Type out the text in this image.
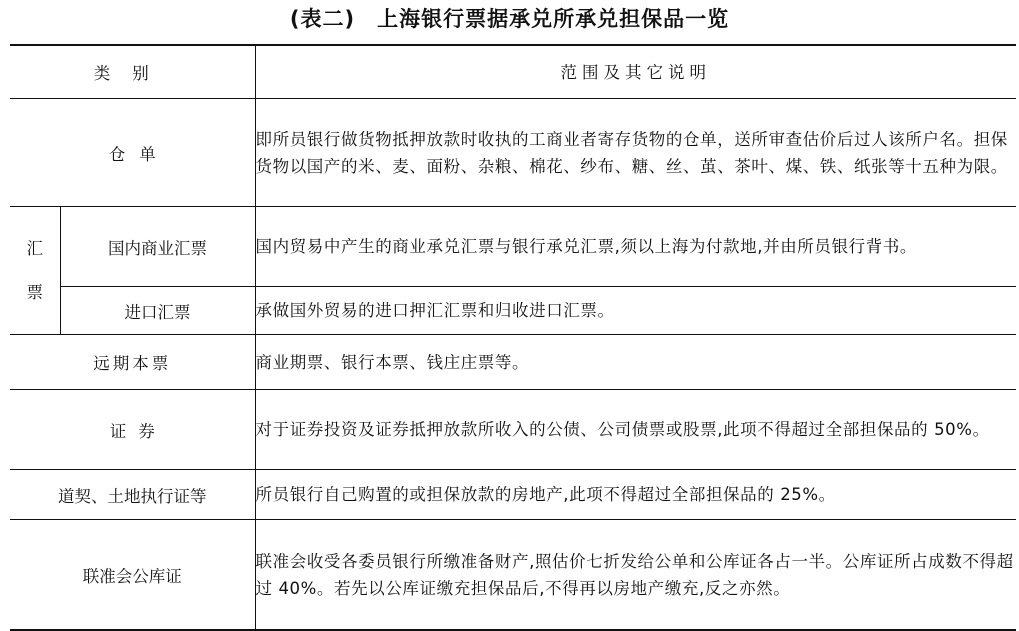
(表二) 上海银行票据承兑所承兑担保品一览
类别		范围及其它说明
仓单		即所员银行做货物抵押放款时收执的工商业者寄存货物的仓单，送所审查估价后过人该所户名。担保货物以国产的米、麦、面粉、杂粮、棉花、纱布、糖、丝、茧、茶叶、煤、铁、纸张等十五种为限。
汇票	国内商业汇票	国内贸易中产生的商业承兑汇票与银行承兑汇票,须以上海为付款地,并由所员银行背书。
	进口汇票	承做国外贸易的进口押汇汇票和归收进口汇票。
远期本票		商业期票、银行本票、钱庄庄票等。
证券		对于证券投资及证券抵押放款所收入的公债、公司债票或股票,此项不得超过全部担保品的 50%。
道契、土地执行证等		所员银行自己购置的或担保放款的房地产,此项不得超过全部担保品的 25%。
联准会公库证		联准会收受各委员银行所缴准备财产,照估价七折发给公单和公库证各占一半。公库证所占成数不得超过 40%。若先以公库证缴充担保品后,不得再以房地产缴充,反之亦然。
